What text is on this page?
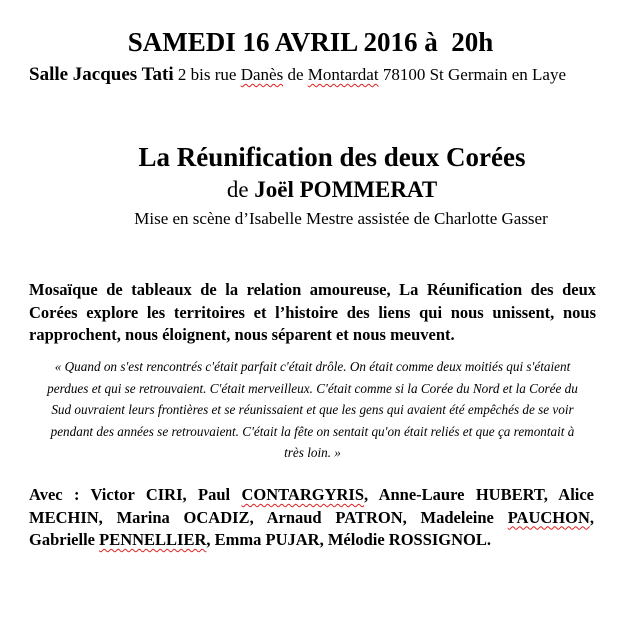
SAMEDI 16 AVRIL 2016 à  20h
Salle Jacques Tati 2 bis rue Danès de Montardat 78100 St Germain en Laye
La Réunification des deux Corées
de Joël POMMERAT
Mise en scène d’Isabelle Mestre assistée de Charlotte Gasser
Mosaïque de tableaux de la relation amoureuse, La Réunification des deux Corées explore les territoires et l’histoire des liens qui nous unissent, nous rapprochent, nous éloignent, nous séparent et nous meuvent.
« Quand on s'est rencontrés c'était parfait c'était drôle. On était comme deux moitiés qui s'étaient perdues et qui se retrouvaient. C'était merveilleux. C'était comme si la Corée du Nord et la Corée du Sud ouvraient leurs frontières et se réunissaient et que les gens qui avaient été empêchés de se voir pendant des années se retrouvaient. C'était la fête on sentait qu'on était reliés et que ça remontait à très loin. »
Avec : Victor CIRI, Paul CONTARGYRIS, Anne-Laure HUBERT, Alice MECHIN, Marina OCADIZ, Arnaud PATRON, Madeleine PAUCHON, Gabrielle PENNELLIER, Emma PUJAR, Mélodie ROSSIGNOL.
